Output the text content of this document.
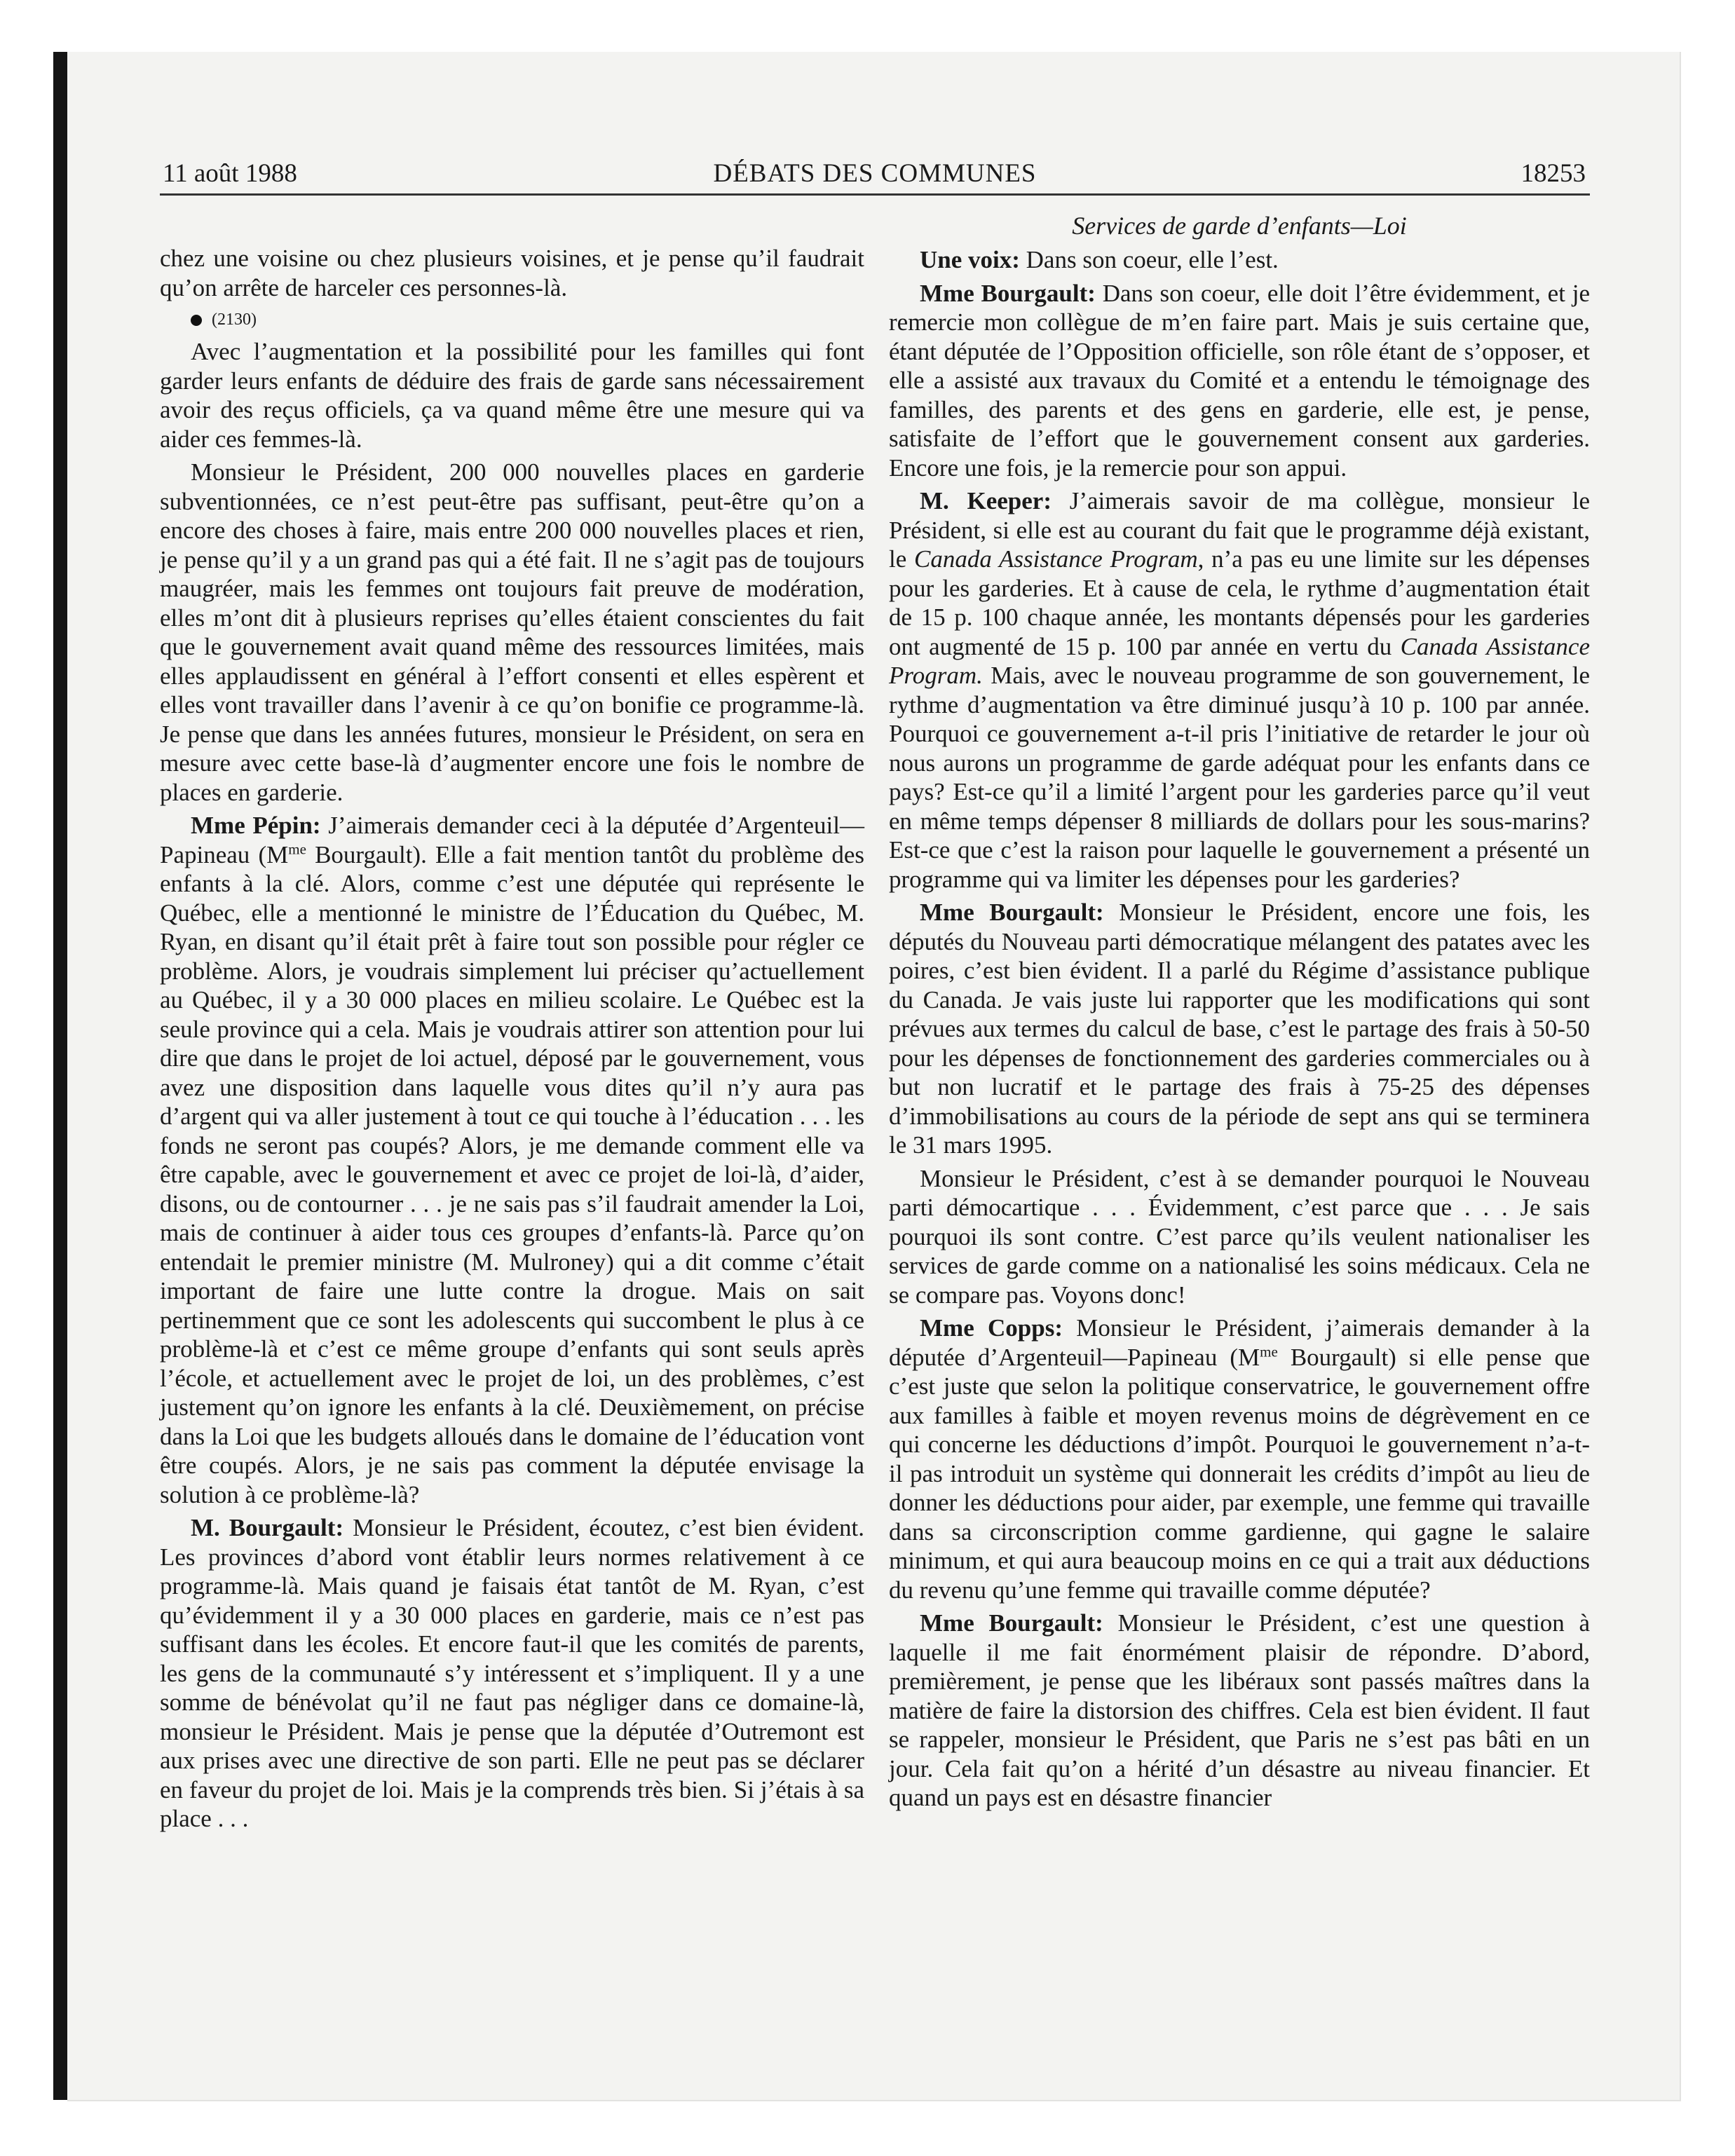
11 août 1988	DÉBATS DES COMMUNES	18253

chez une voisine ou chez plusieurs voisines, et je pense qu’il faudrait qu’on arrête de harceler ces personnes-là.

(2130)

Avec l’augmentation et la possibilité pour les familles qui font garder leurs enfants de déduire des frais de garde sans nécessairement avoir des reçus officiels, ça va quand même être une mesure qui va aider ces femmes-là.

Monsieur le Président, 200 000 nouvelles places en garderie subventionnées, ce n’est peut-être pas suffisant, peut-être qu’on a encore des choses à faire, mais entre 200 000 nouvelles places et rien, je pense qu’il y a un grand pas qui a été fait. Il ne s’agit pas de toujours maugréer, mais les femmes ont toujours fait preuve de modération, elles m’ont dit à plusieurs reprises qu’elles étaient conscientes du fait que le gouvernement avait quand même des ressources limitées, mais elles applaudissent en général à l’effort consenti et elles espèrent et elles vont travailler dans l’avenir à ce qu’on bonifie ce programme-là. Je pense que dans les années futures, monsieur le Président, on sera en mesure avec cette base-là d’augmenter encore une fois le nombre de places en garderie.

Mme Pépin: J’aimerais demander ceci à la députée d’Argenteuil—Papineau ($M^{me}$ Bourgault). Elle a fait mention tantôt du problème des enfants à la clé. Alors, comme c’est une députée qui représente le Québec, elle a mentionné le ministre de l’Éducation du Québec, M. Ryan, en disant qu’il était prêt à faire tout son possible pour régler ce problème. Alors, je voudrais simplement lui préciser qu’actuellement au Québec, il y a 30 000 places en milieu scolaire. Le Québec est la seule province qui a cela. Mais je voudrais attirer son attention pour lui dire que dans le projet de loi actuel, déposé par le gouvernement, vous avez une disposition dans laquelle vous dites qu’il n’y aura pas d’argent qui va aller justement à tout ce qui touche à l’éducation . . . les fonds ne seront pas coupés? Alors, je me demande comment elle va être capable, avec le gouvernement et avec ce projet de loi-là, d’aider, disons, ou de contourner . . . je ne sais pas s’il faudrait amender la Loi, mais de continuer à aider tous ces groupes d’enfants-là. Parce qu’on entendait le premier ministre (M. Mulroney) qui a dit comme c’était important de faire une lutte contre la drogue. Mais on sait pertinemment que ce sont les adolescents qui succombent le plus à ce problème-là et c’est ce même groupe d’enfants qui sont seuls après l’école, et actuellement avec le projet de loi, un des problèmes, c’est justement qu’on ignore les enfants à la clé. Deuxièmement, on précise dans la Loi que les budgets alloués dans le domaine de l’éducation vont être coupés. Alors, je ne sais pas comment la députée envisage la solution à ce problème-là?

M. Bourgault: Monsieur le Président, écoutez, c’est bien évident. Les provinces d’abord vont établir leurs normes relativement à ce programme-là. Mais quand je faisais état tantôt de M. Ryan, c’est qu’évidemment il y a 30 000 places en garderie, mais ce n’est pas suffisant dans les écoles. Et encore faut-il que les comités de parents, les gens de la communauté s’y intéressent et s’impliquent. Il y a une somme de bénévolat qu’il ne faut pas négliger dans ce domaine-là, monsieur le Président. Mais je pense que la députée d’Outremont est aux prises avec une directive de son parti. Elle ne peut pas se déclarer en faveur du projet de loi. Mais je la comprends très bien. Si j’étais à sa place . . .

Services de garde d’enfants—Loi

Une voix: Dans son coeur, elle l’est.

Mme Bourgault: Dans son coeur, elle doit l’être évidemment, et je remercie mon collègue de m’en faire part. Mais je suis certaine que, étant députée de l’Opposition officielle, son rôle étant de s’opposer, et elle a assisté aux travaux du Comité et a entendu le témoignage des familles, des parents et des gens en garderie, elle est, je pense, satisfaite de l’effort que le gouvernement consent aux garderies. Encore une fois, je la remercie pour son appui.

M. Keeper: J’aimerais savoir de ma collègue, monsieur le Président, si elle est au courant du fait que le programme déjà existant, le Canada Assistance Program, n’a pas eu une limite sur les dépenses pour les garderies. Et à cause de cela, le rythme d’augmentation était de 15 p. 100 chaque année, les montants dépensés pour les garderies ont augmenté de 15 p. 100 par année en vertu du Canada Assistance Program. Mais, avec le nouveau programme de son gouvernement, le rythme d’augmentation va être diminué jusqu’à 10 p. 100 par année. Pourquoi ce gouvernement a-t-il pris l’initiative de retarder le jour où nous aurons un programme de garde adéquat pour les enfants dans ce pays? Est-ce qu’il a limité l’argent pour les garderies parce qu’il veut en même temps dépenser 8 milliards de dollars pour les sous-marins? Est-ce que c’est la raison pour laquelle le gouvernement a présenté un programme qui va limiter les dépenses pour les garderies?

Mme Bourgault: Monsieur le Président, encore une fois, les députés du Nouveau parti démocratique mélangent des patates avec les poires, c’est bien évident. Il a parlé du Régime d’assistance publique du Canada. Je vais juste lui rapporter que les modifications qui sont prévues aux termes du calcul de base, c’est le partage des frais à 50-50 pour les dépenses de fonctionnement des garderies commerciales ou à but non lucratif et le partage des frais à 75-25 des dépenses d’immobilisations au cours de la période de sept ans qui se terminera le 31 mars 1995.

Monsieur le Président, c’est à se demander pourquoi le Nouveau parti démocartique . . . Évidemment, c’est parce que . . . Je sais pourquoi ils sont contre. C’est parce qu’ils veulent nationaliser les services de garde comme on a nationalisé les soins médicaux. Cela ne se compare pas. Voyons donc!

Mme Copps: Monsieur le Président, j’aimerais demander à la députée d’Argenteuil—Papineau ($M^{me}$ Bourgault) si elle pense que c’est juste que selon la politique conservatrice, le gouvernement offre aux familles à faible et moyen revenus moins de dégrèvement en ce qui concerne les déductions d’impôt. Pourquoi le gouvernement n’a-t-il pas introduit un système qui donnerait les crédits d’impôt au lieu de donner les déductions pour aider, par exemple, une femme qui travaille dans sa circonscription comme gardienne, qui gagne le salaire minimum, et qui aura beaucoup moins en ce qui a trait aux déductions du revenu qu’une femme qui travaille comme députée?

Mme Bourgault: Monsieur le Président, c’est une question à laquelle il me fait énormément plaisir de répondre. D’abord, premièrement, je pense que les libéraux sont passés maîtres dans la matière de faire la distorsion des chiffres. Cela est bien évident. Il faut se rappeler, monsieur le Président, que Paris ne s’est pas bâti en un jour. Cela fait qu’on a hérité d’un désastre au niveau financier. Et quand un pays est en désastre financier
